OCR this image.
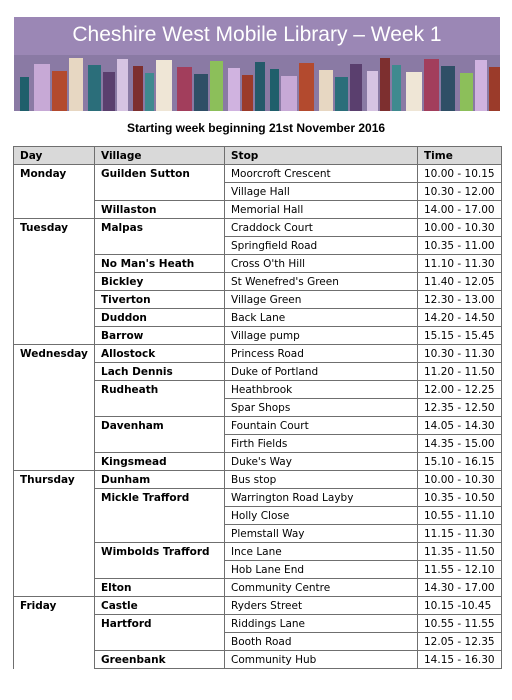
Cheshire West Mobile Library – Week 1
Starting week beginning 21st November 2016
Day	Village	Stop	Time
Monday	Guilden Sutton	Moorcroft Crescent	10.00 - 10.15
		Village Hall	10.30 - 12.00
	Willaston	Memorial Hall	14.00 - 17.00
Tuesday	Malpas	Craddock Court	10.00 - 10.30
		Springfield Road	10.35 - 11.00
	No Man's Heath	Cross O'th Hill	11.10 - 11.30
	Bickley	St Wenefred's Green	11.40 - 12.05
	Tiverton	Village Green	12.30 - 13.00
	Duddon	Back Lane	14.20 - 14.50
	Barrow	Village pump	15.15 - 15.45
Wednesday	Allostock	Princess Road	10.30 - 11.30
	Lach Dennis	Duke of Portland	11.20 - 11.50
	Rudheath	Heathbrook	12.00 - 12.25
		Spar Shops	12.35 - 12.50
	Davenham	Fountain Court	14.05 - 14.30
		Firth Fields	14.35 - 15.00
	Kingsmead	Duke's Way	15.10 - 16.15
Thursday	Dunham	Bus stop	10.00 - 10.30
	Mickle Trafford	Warrington Road Layby	10.35 - 10.50
		Holly Close	10.55 - 11.10
		Plemstall Way	11.15 - 11.30
	Wimbolds Trafford	Ince Lane	11.35 - 11.50
		Hob Lane End	11.55 - 12.10
	Elton	Community Centre	14.30 - 17.00
Friday	Castle	Ryders Street	10.15 -10.45
	Hartford	Riddings Lane	10.55 - 11.55
		Booth Road	12.05 - 12.35
	Greenbank	Community Hub	14.15 - 16.30
